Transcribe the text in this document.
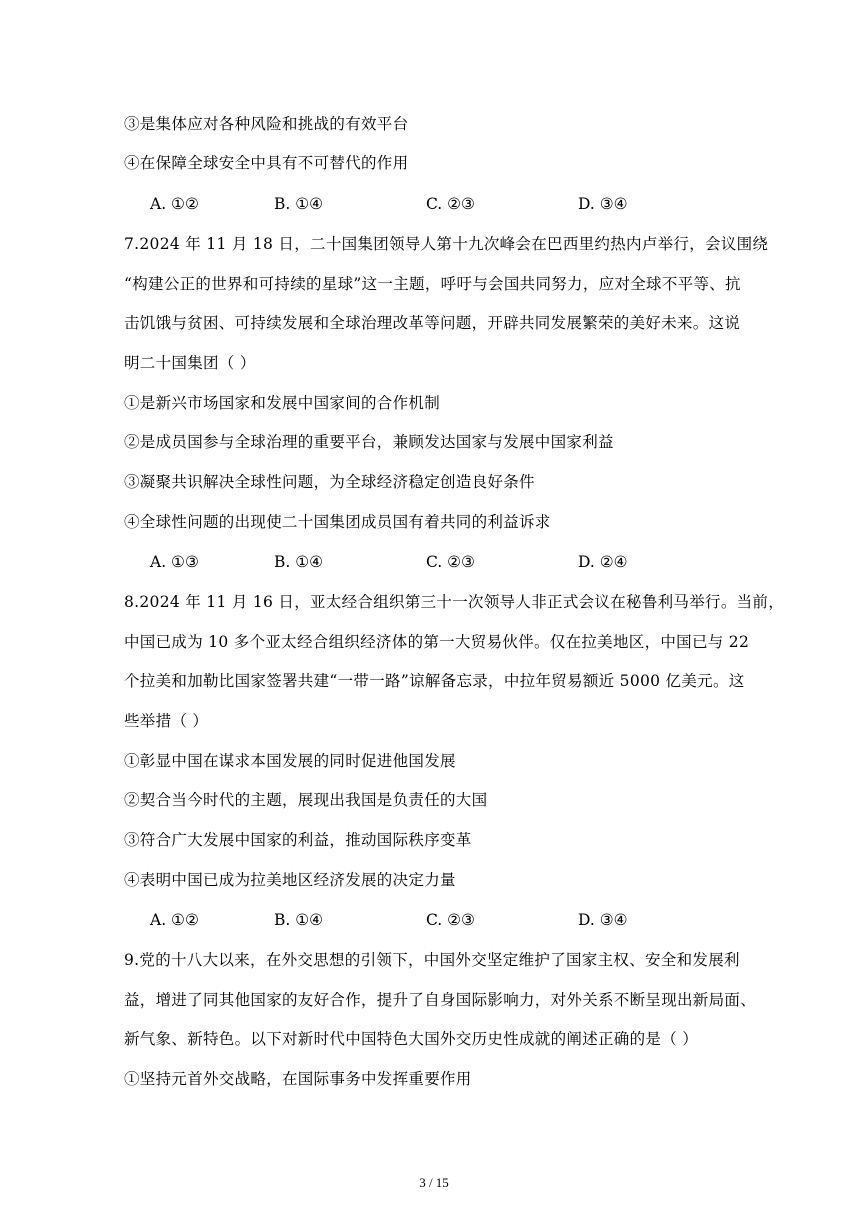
③是集体应对各种风险和挑战的有效平台
④在保障全球安全中具有不可替代的作用
A. ①②	B. ①④	C. ②③	D. ③④
7.2024 年 11 月 18 日，二十国集团领导人第十九次峰会在巴西里约热内卢举行，会议围绕
“构建公正的世界和可持续的星球”这一主题，呼吁与会国共同努力，应对全球不平等、抗
击饥饿与贫困、可持续发展和全球治理改革等问题，开辟共同发展繁荣的美好未来。这说
明二十国集团（ ）
①是新兴市场国家和发展中国家间的合作机制
②是成员国参与全球治理的重要平台，兼顾发达国家与发展中国家利益
③凝聚共识解决全球性问题，为全球经济稳定创造良好条件
④全球性问题的出现使二十国集团成员国有着共同的利益诉求
A. ①③	B. ①④	C. ②③	D. ②④
8.2024 年 11 月 16 日，亚太经合组织第三十一次领导人非正式会议在秘鲁利马举行。当前，
中国已成为 10 多个亚太经合组织经济体的第一大贸易伙伴。仅在拉美地区，中国已与 22
个拉美和加勒比国家签署共建“一带一路”谅解备忘录，中拉年贸易额近 5000 亿美元。这
些举措（ ）
①彰显中国在谋求本国发展的同时促进他国发展
②契合当今时代的主题，展现出我国是负责任的大国
③符合广大发展中国家的利益，推动国际秩序变革
④表明中国已成为拉美地区经济发展的决定力量
A. ①②	B. ①④	C. ②③	D. ③④
9.党的十八大以来，在外交思想的引领下，中国外交坚定维护了国家主权、安全和发展利
益，增进了同其他国家的友好合作，提升了自身国际影响力，对外关系不断呈现出新局面、
新气象、新特色。以下对新时代中国特色大国外交历史性成就的阐述正确的是（ ）
①坚持元首外交战略，在国际事务中发挥重要作用
3 / 15
